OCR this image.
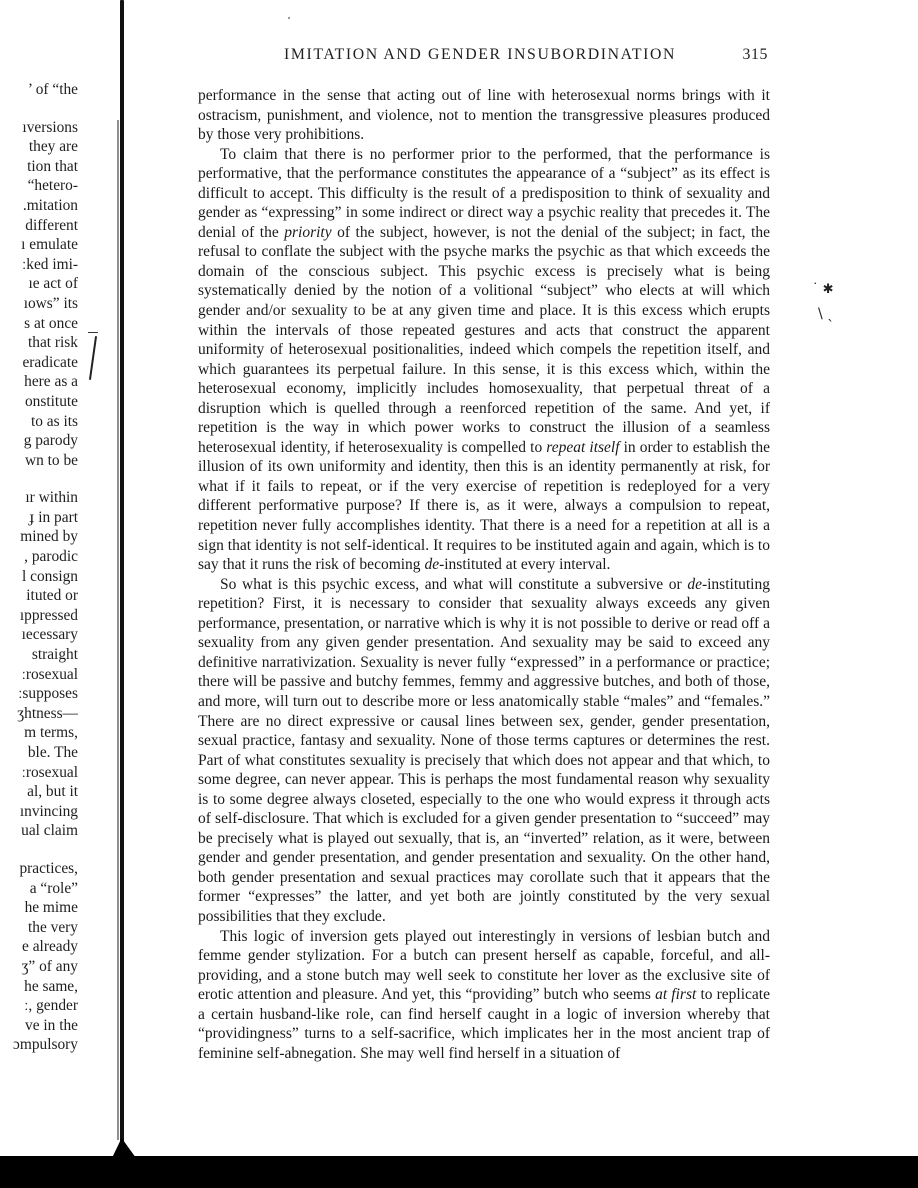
’ of “the
ıversions
they are
tion that
“hetero-
.mitation
different
ı emulate
ːked imi-
ıe act of
ıows” its
s at once
that risk
eradicate
here as a
onstitute
to as its
g parody
wn to be
ır within
ɟ in part
mined by
, parodic
l consign
ituted or
ıppressed
ıecessary
straight
ːrosexual
ːsupposes
ʒhtness—
m terms,
ble. The
ːrosexual
al, but it
ınvincing
ual claim
practices,
a “role”
he mime
the very
e already
ʒ” of any
he same,
ː, gender
ve in the
ɔmpulsory
IMITATION AND GENDER INSUBORDINATION	315

performance in the sense that acting out of line with heterosexual norms brings with it ostracism, punishment, and violence, not to mention the transgressive pleasures produced by those very prohibitions.

To claim that there is no performer prior to the performed, that the performance is performative, that the performance constitutes the appearance of a “subject” as its effect is difficult to accept. This difficulty is the result of a predisposition to think of sexuality and gender as “expressing” in some indirect or direct way a psychic reality that precedes it. The denial of the priority of the subject, however, is not the denial of the subject; in fact, the refusal to conflate the subject with the psyche marks the psychic as that which exceeds the domain of the conscious subject. This psychic excess is precisely what is being systematically denied by the notion of a volitional “subject” who elects at will which gender and/or sexuality to be at any given time and place. It is this excess which erupts within the intervals of those repeated gestures and acts that construct the apparent uniformity of heterosexual positionalities, indeed which compels the repetition itself, and which guarantees its perpetual failure. In this sense, it is this excess which, within the heterosexual economy, implicitly includes homosexuality, that perpetual threat of a disruption which is quelled through a reenforced repetition of the same. And yet, if repetition is the way in which power works to construct the illusion of a seamless heterosexual identity, if heterosexuality is compelled to repeat itself in order to establish the illusion of its own uniformity and identity, then this is an identity permanently at risk, for what if it fails to repeat, or if the very exercise of repetition is redeployed for a very different performative purpose? If there is, as it were, always a compulsion to repeat, repetition never fully accomplishes identity. That there is a need for a repetition at all is a sign that identity is not self-identical. It requires to be instituted again and again, which is to say that it runs the risk of becoming de-instituted at every interval.

So what is this psychic excess, and what will constitute a subversive or de-instituting repetition? First, it is necessary to consider that sexuality always exceeds any given performance, presentation, or narrative which is why it is not possible to derive or read off a sexuality from any given gender presentation. And sexuality may be said to exceed any definitive narrativization. Sexuality is never fully “expressed” in a performance or practice; there will be passive and butchy femmes, femmy and aggressive butches, and both of those, and more, will turn out to describe more or less anatomically stable “males” and “females.” There are no direct expressive or causal lines between sex, gender, gender presentation, sexual practice, fantasy and sexuality. None of those terms captures or determines the rest. Part of what constitutes sexuality is precisely that which does not appear and that which, to some degree, can never appear. This is perhaps the most fundamental reason why sexuality is to some degree always closeted, especially to the one who would express it through acts of self-disclosure. That which is excluded for a given gender presentation to “succeed” may be precisely what is played out sexually, that is, an “inverted” relation, as it were, between gender and gender presentation, and gender presentation and sexuality. On the other hand, both gender presentation and sexual practices may corollate such that it appears that the former “expresses” the latter, and yet both are jointly constituted by the very sexual possibilities that they exclude.

This logic of inversion gets played out interestingly in versions of lesbian butch and femme gender stylization. For a butch can present herself as capable, forceful, and all-providing, and a stone butch may well seek to constitute her lover as the exclusive site of erotic attention and pleasure. And yet, this “providing” butch who seems at first to replicate a certain husband-like role, can find herself caught in a logic of inversion whereby that “providingness” turns to a self-sacrifice, which implicates her in the most ancient trap of feminine self-abnegation. She may well find herself in a situation of

˙ ✱
\ ˎ
